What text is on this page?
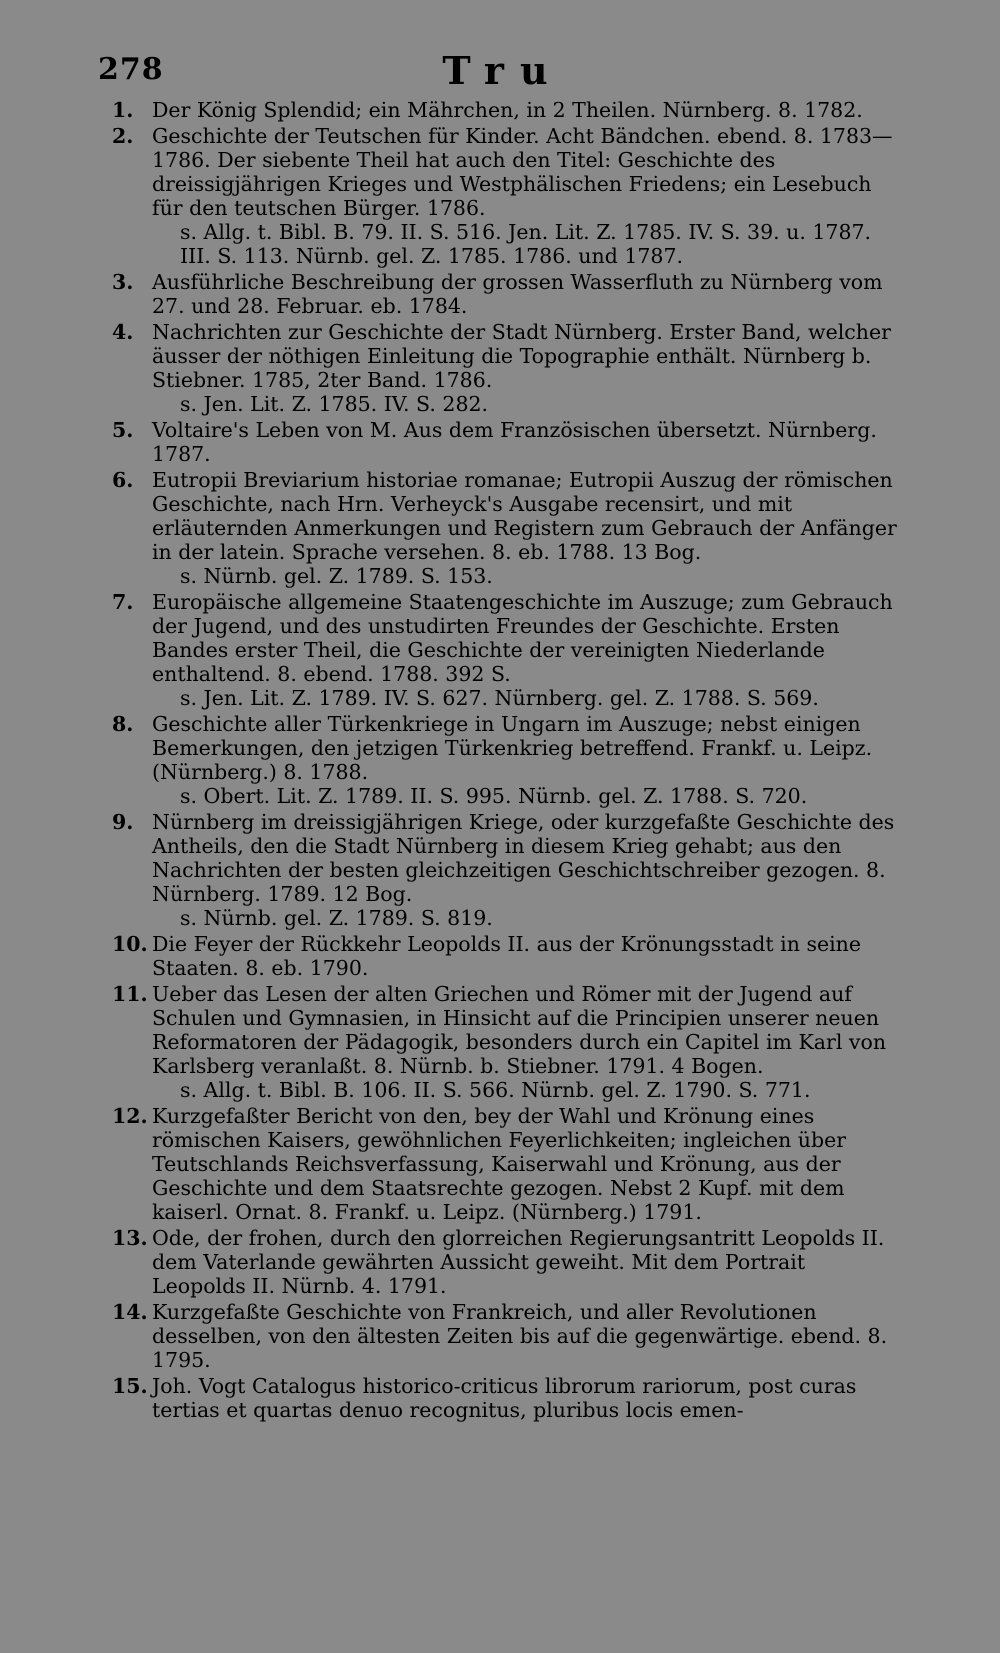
278	Tru
1. Der König Splendid; ein Mährchen, in 2 Theilen. Nürnberg. 8. 1782.
2. Geschichte der Teutschen für Kinder. Acht Bändchen. ebend. 8. 1783—1786. Der siebente Theil hat auch den Titel: Geschichte des dreissigjährigen Krieges und Westphälischen Friedens; ein Lesebuch für den teutschen Bürger. 1786.
s. Allg. t. Bibl. B. 79. II. S. 516. Jen. Lit. Z. 1785. IV. S. 39. u. 1787. III. S. 113. Nürnb. gel. Z. 1785. 1786. und 1787.
3. Ausführliche Beschreibung der grossen Wasserfluth zu Nürnberg vom 27. und 28. Februar. eb. 1784.
4. Nachrichten zur Geschichte der Stadt Nürnberg. Erster Band, welcher äusser der nöthigen Einleitung die Topographie enthält. Nürnberg b. Stiebner. 1785, 2ter Band. 1786.
s. Jen. Lit. Z. 1785. IV. S. 282.
5. Voltaire's Leben von M. Aus dem Französischen übersetzt. Nürnberg. 1787.
6. Eutropii Breviarium historiae romanae; Eutropii Auszug der römischen Geschichte, nach Hrn. Verheyck's Ausgabe recensirt, und mit erläuternden Anmerkungen und Registern zum Gebrauch der Anfänger in der latein. Sprache versehen. 8. eb. 1788. 13 Bog.
s. Nürnb. gel. Z. 1789. S. 153.
7. Europäische allgemeine Staatengeschichte im Auszuge; zum Gebrauch der Jugend, und des unstudirten Freundes der Geschichte. Ersten Bandes erster Theil, die Geschichte der vereinigten Niederlande enthaltend. 8. ebend. 1788. 392 S.
s. Jen. Lit. Z. 1789. IV. S. 627. Nürnberg. gel. Z. 1788. S. 569.
8. Geschichte aller Türkenkriege in Ungarn im Auszuge; nebst einigen Bemerkungen, den jetzigen Türkenkrieg betreffend. Frankf. u. Leipz. (Nürnberg.) 8. 1788.
s. Obert. Lit. Z. 1789. II. S. 995. Nürnb. gel. Z. 1788. S. 720.
9. Nürnberg im dreissigjährigen Kriege, oder kurzgefaßte Geschichte des Antheils, den die Stadt Nürnberg in diesem Krieg gehabt; aus den Nachrichten der besten gleichzeitigen Geschichtschreiber gezogen. 8. Nürnberg. 1789. 12 Bog.
s. Nürnb. gel. Z. 1789. S. 819.
10. Die Feyer der Rückkehr Leopolds II. aus der Krönungsstadt in seine Staaten. 8. eb. 1790.
11. Ueber das Lesen der alten Griechen und Römer mit der Jugend auf Schulen und Gymnasien, in Hinsicht auf die Principien unserer neuen Reformatoren der Pädagogik, besonders durch ein Capitel im Karl von Karlsberg veranlaßt. 8. Nürnb. b. Stiebner. 1791. 4 Bogen.
s. Allg. t. Bibl. B. 106. II. S. 566. Nürnb. gel. Z. 1790. S. 771.
12. Kurzgefaßter Bericht von den, bey der Wahl und Krönung eines römischen Kaisers, gewöhnlichen Feyerlichkeiten; ingleichen über Teutschlands Reichsverfassung, Kaiserwahl und Krönung, aus der Geschichte und dem Staatsrechte gezogen. Nebst 2 Kupf. mit dem kaiserl. Ornat. 8. Frankf. u. Leipz. (Nürnberg.) 1791.
13. Ode, der frohen, durch den glorreichen Regierungsantritt Leopolds II. dem Vaterlande gewährten Aussicht geweiht. Mit dem Portrait Leopolds II. Nürnb. 4. 1791.
14. Kurzgefaßte Geschichte von Frankreich, und aller Revolutionen desselben, von den ältesten Zeiten bis auf die gegenwärtige. ebend. 8. 1795.
15. Joh. Vogt Catalogus historico-criticus librorum rariorum, post curas tertias et quartas denuo recognitus, pluribus locis emen-
